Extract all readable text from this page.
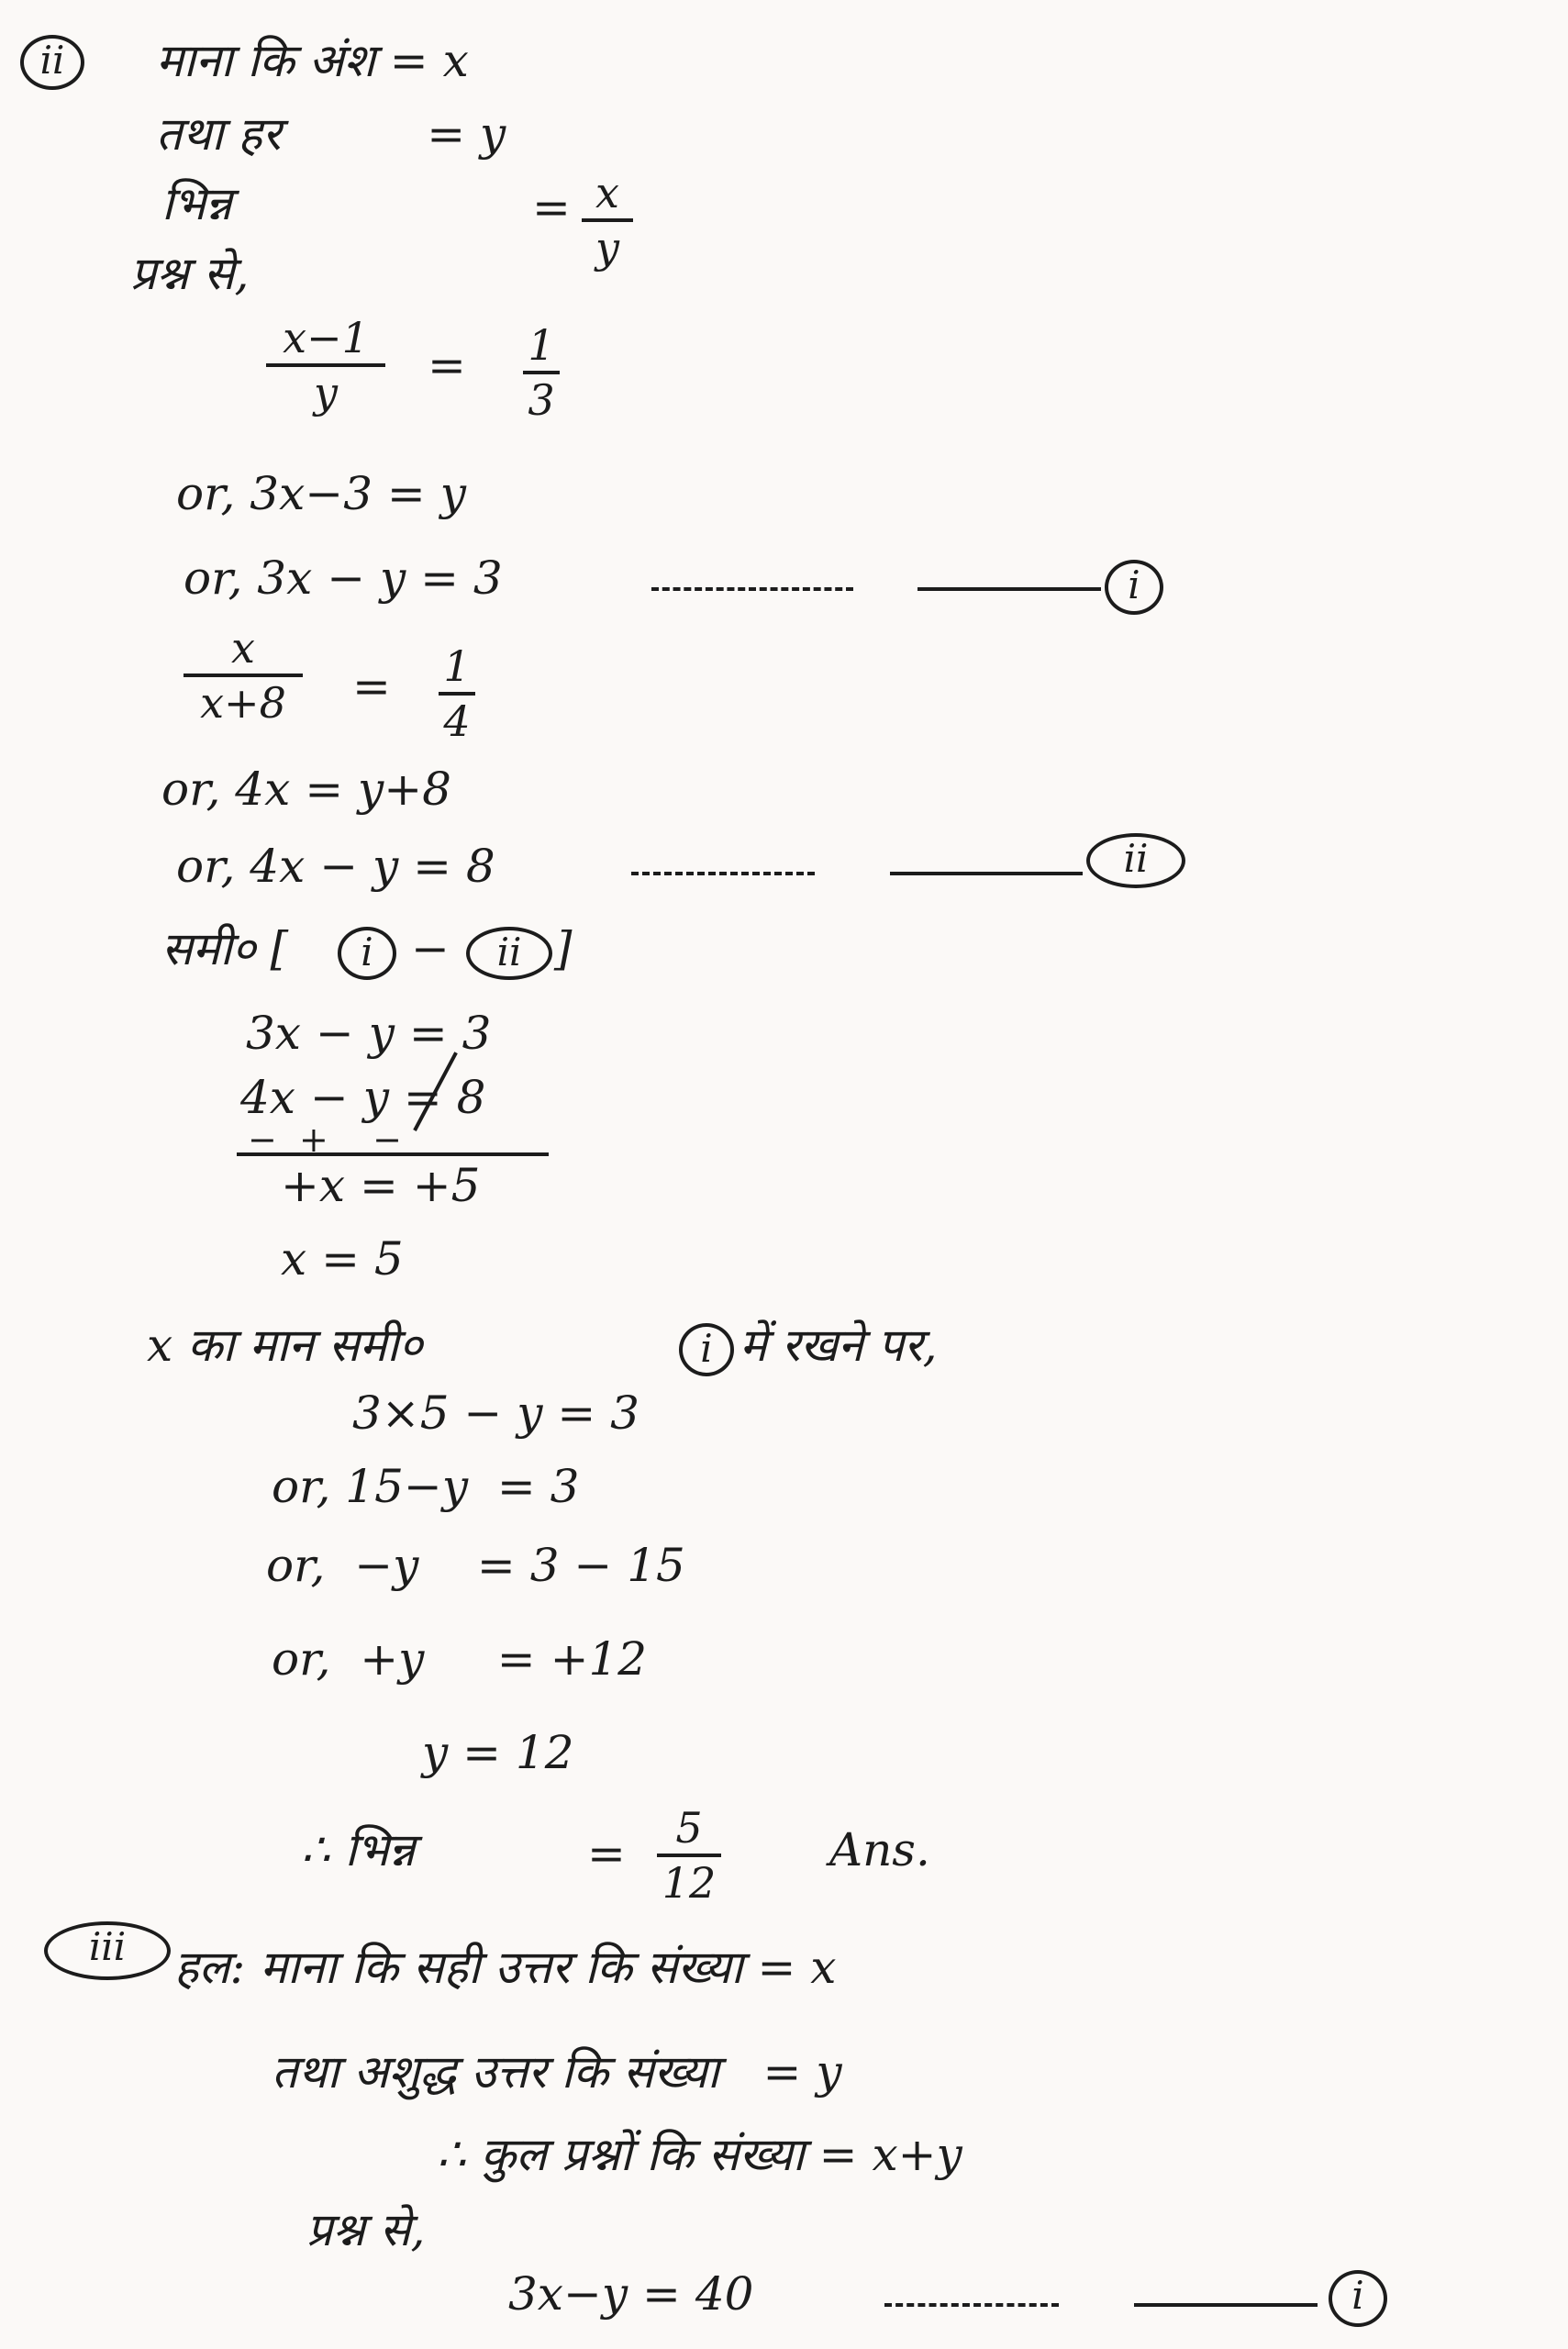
ii	माना कि अंश = x
तथा हर          = y
भिन्न	= x
y
प्रश्न से,
x−1
y
= 1
3
or, 3x−3 = y
or, 3x − y = 3	i
x
x+8 = 1
4
or, 4x = y+8
or, 4x − y = 8	ii
समी० [	i −	ii ]
3x − y = 3
4x − y = 8
−  +    −
+x = +5
x = 5
x का मान समी०	i में रखने पर,
3×5 − y = 3
or, 15−y  = 3
or,  −y    = 3 − 15
or,  +y     = +12
y = 12
∴ भिन्न	= 5
12
Ans.
iii	हल: माना कि सही उत्तर कि संख्या = x
तथा अशुद्ध उत्तर कि संख्या   = y
∴ कुल प्रश्नों कि संख्या = x+y
प्रश्न से,
3x−y = 40	i
